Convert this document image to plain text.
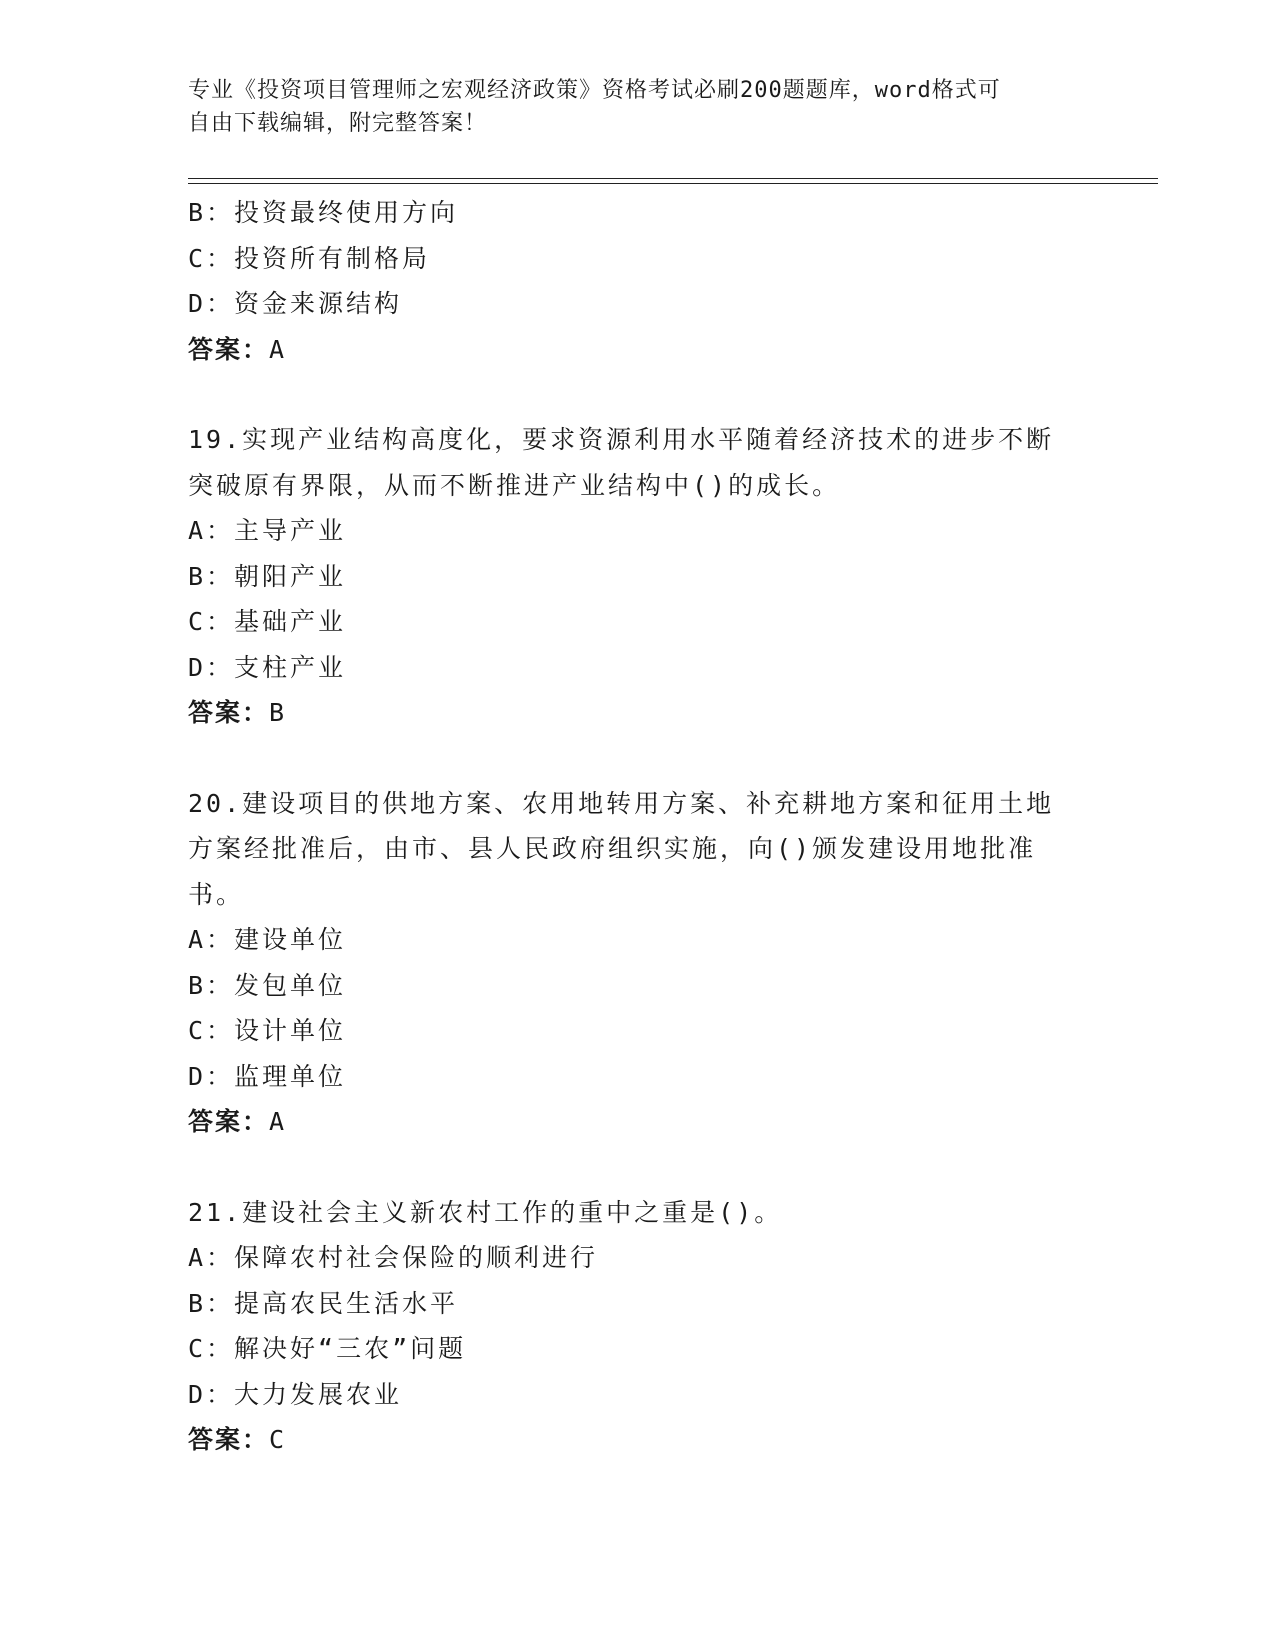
专业《投资项目管理师之宏观经济政策》资格考试必刷200题题库，word格式可
自由下载编辑，附完整答案！
B：投资最终使用方向
C：投资所有制格局
D：资金来源结构
答案：A
19.实现产业结构高度化，要求资源利用水平随着经济技术的进步不断突破原有界限，从而不断推进产业结构中()的成长。
A：主导产业
B：朝阳产业
C：基础产业
D：支柱产业
答案：B
20.建设项目的供地方案、农用地转用方案、补充耕地方案和征用土地方案经批准后，由市、县人民政府组织实施，向()颁发建设用地批准书。
A：建设单位
B：发包单位
C：设计单位
D：监理单位
答案：A
21.建设社会主义新农村工作的重中之重是()。
A：保障农村社会保险的顺利进行
B：提高农民生活水平
C：解决好“三农”问题
D：大力发展农业
答案：C
